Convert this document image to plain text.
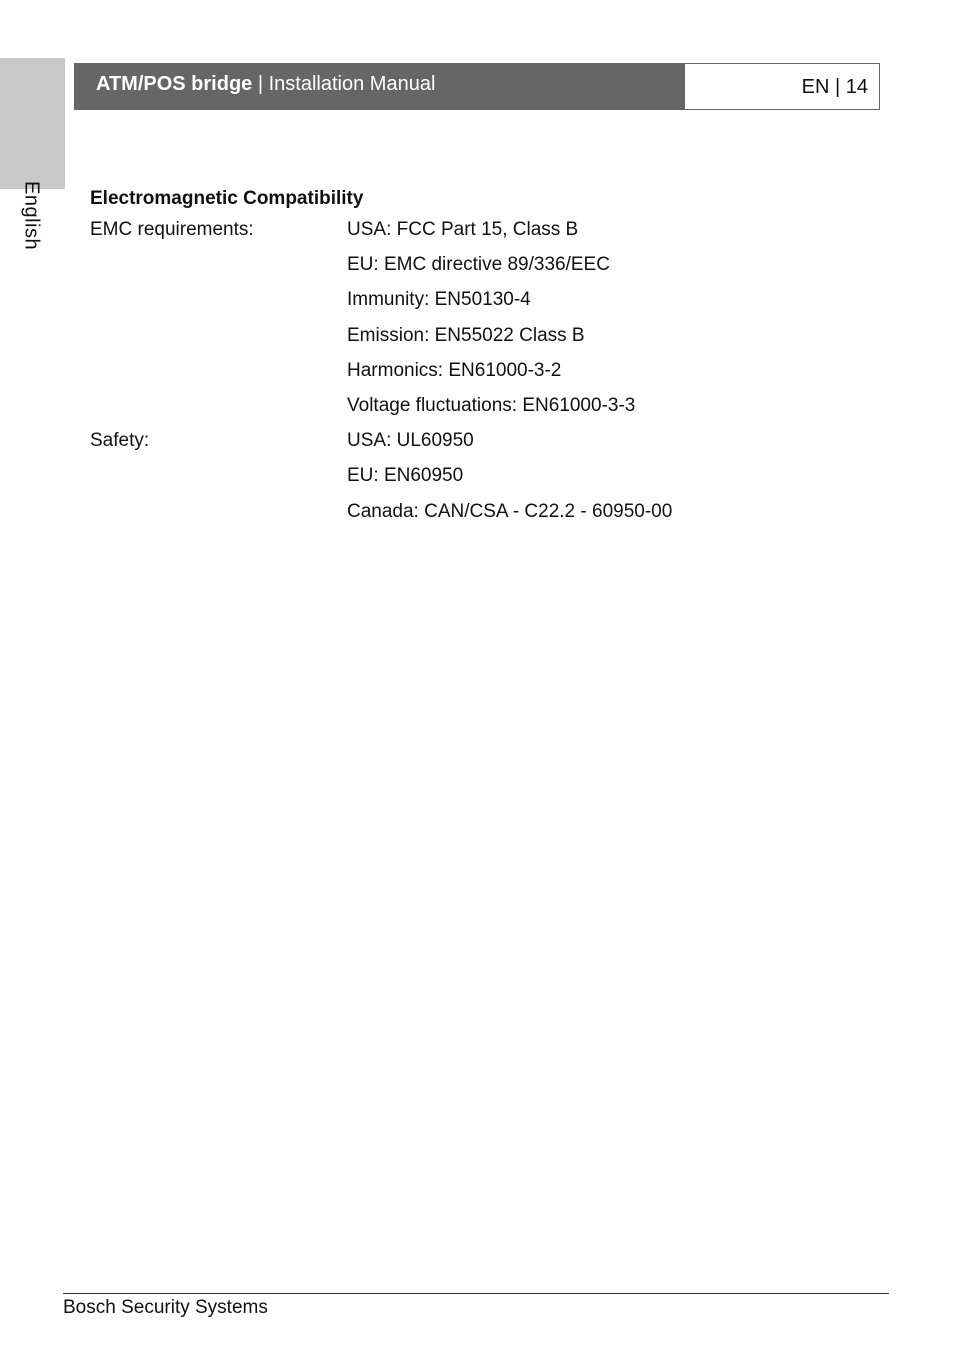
English
ATM/POS bridge | Installation Manual	EN | 14
Electromagnetic Compatibility
EMC requirements:	USA: FCC Part 15, Class B
EU: EMC directive 89/336/EEC
Immunity: EN50130-4
Emission: EN55022 Class B
Harmonics: EN61000-3-2
Voltage fluctuations: EN61000-3-3
Safety:	USA: UL60950
EU: EN60950
Canada: CAN/CSA - C22.2 - 60950-00
Bosch Security Systems
